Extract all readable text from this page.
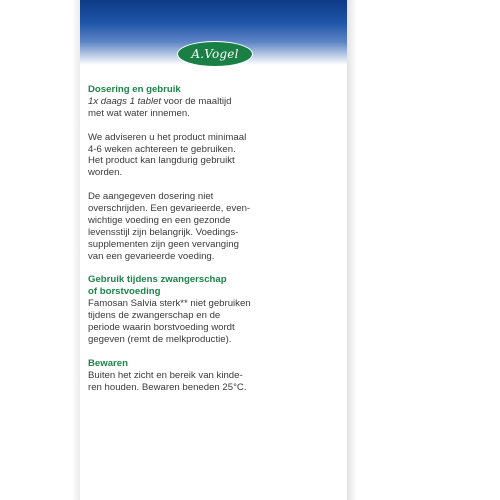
A.Vogel

Dosering en gebruik

1x daags 1 tablet voor de maaltijd
met wat water innemen.

We adviseren u het product minimaal
4-6 weken achtereen te gebruiken.
Het product kan langdurig gebruikt
worden.

De aangegeven dosering niet
overschrijden. Een gevarieerde, even-
wichtige voeding en een gezonde
levensstijl zijn belangrijk. Voedings-
supplementen zijn geen vervanging
van een gevarieerde voeding.

Gebruik tijdens zwangerschap

of borstvoeding

Famosan Salvia sterk** niet gebruiken
tijdens de zwangerschap en de
periode waarin borstvoeding wordt
gegeven (remt de melkproductie).

Bewaren

Buiten het zicht en bereik van kinde-
ren houden. Bewaren beneden 25°C.
